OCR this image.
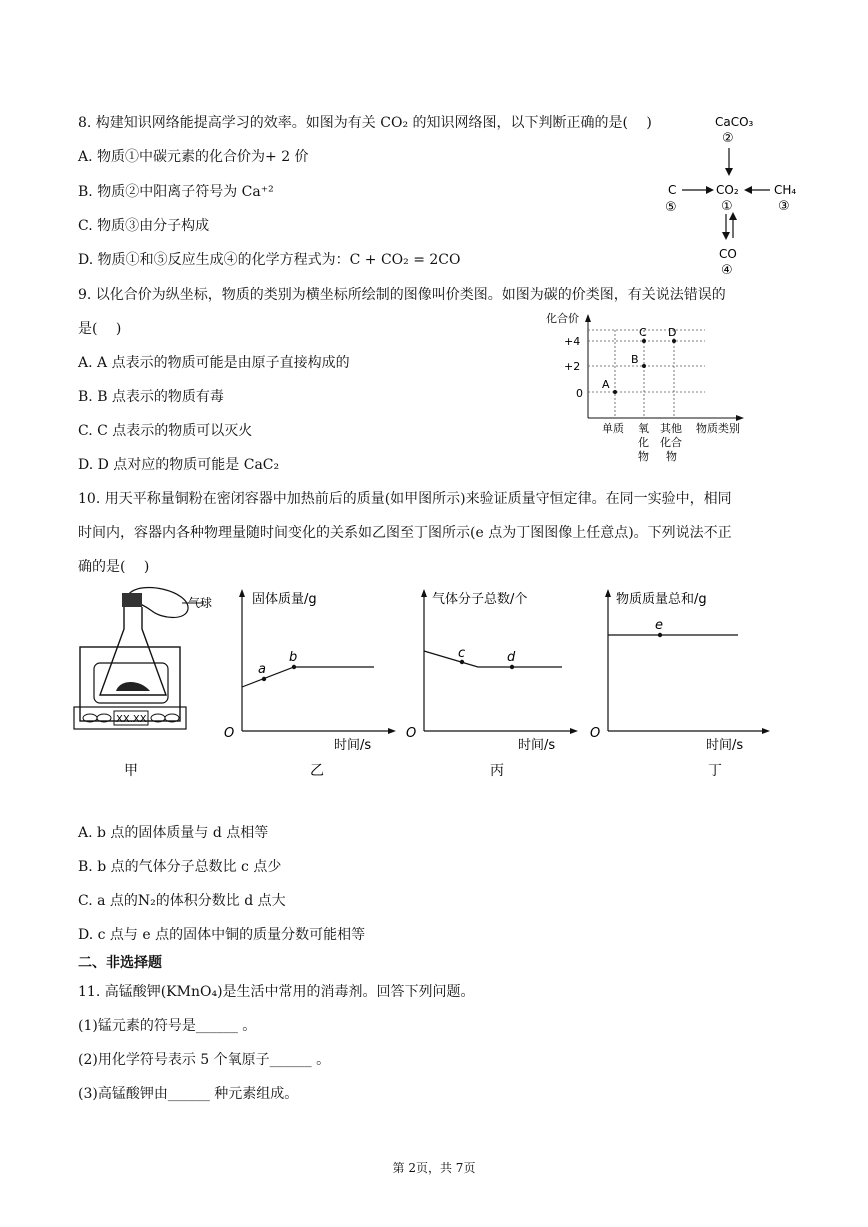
8. 构建知识网络能提高学习的效率。如图为有关 CO₂ 的知识网络图，以下判断正确的是(　 )
A. 物质①中碳元素的化合价为+ 2 价
B. 物质②中阳离子符号为 Ca⁺²
C. 物质③由分子构成
D. 物质①和⑤反应生成④的化学方程式为：C + CO₂ = 2CO
CaCO₃
②
C
⑤
CO₂
①
CH₄
③
CO
④
9. 以化合价为纵坐标，物质的类别为横坐标所绘制的图像叫价类图。如图为碳的价类图，有关说法错误的
是(　 )
A. A 点表示的物质可能是由原子直接构成的
B. B 点表示的物质有毒
C. C 点表示的物质可以灭火
D. D 点对应的物质可能是 CaC₂
化合价
+4
+2
0
A
B
C D
单质 氧
化
物
其他
化合
物
物质类别
10. 用天平称量铜粉在密闭容器中加热前后的质量(如甲图所示)来验证质量守恒定律。在同一实验中，相同
时间内，容器内各种物理量随时间变化的关系如乙图至丁图所示(e 点为丁图图像上任意点)。下列说法不正
确的是(　 )
气球
XX.XX
甲
固体质量/g
时间/s
O
a
b
乙
气体分子总数/个
时间/s
O
c	d
丙
物质质量总和/g
时间/s
O
e
丁
A. b 点的固体质量与 d 点相等
B. b 点的气体分子总数比 c 点少
C. a 点的N₂的体积分数比 d 点大
D. c 点与 e 点的固体中铜的质量分数可能相等
二、非选择题
11. 高锰酸钾(KMnO₄)是生活中常用的消毒剂。回答下列问题。
(1)锰元素的符号是______ 。
(2)用化学符号表示 5 个氧原子______ 。
(3)高锰酸钾由______ 种元素组成。
第 2页，共 7页
